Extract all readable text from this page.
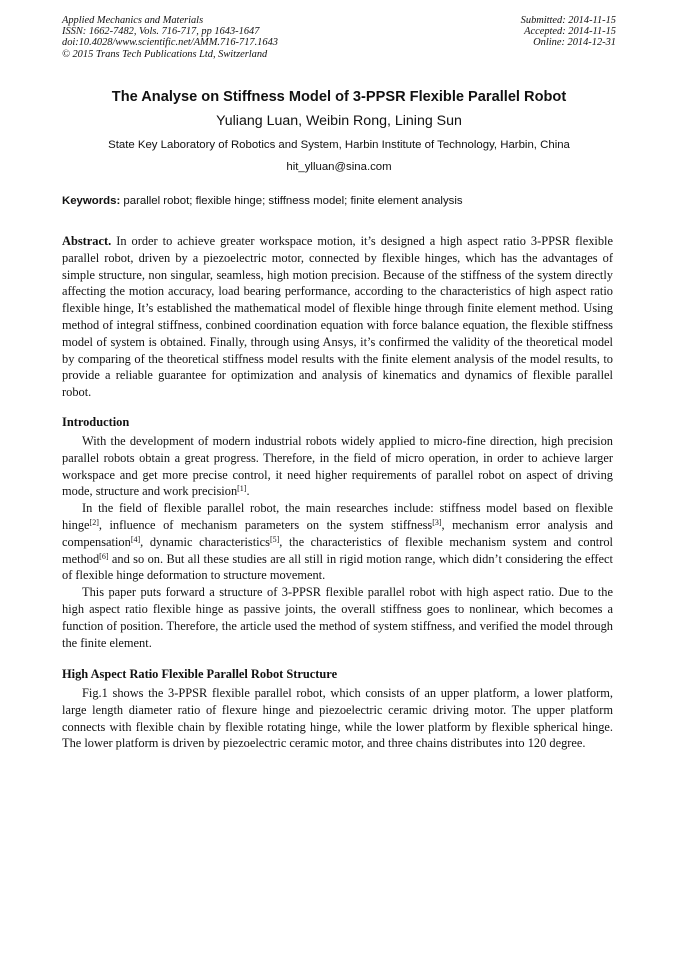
Applied Mechanics and Materials
ISSN: 1662-7482, Vols. 716-717, pp 1643-1647
doi:10.4028/www.scientific.net/AMM.716-717.1643
© 2015 Trans Tech Publications Ltd, Switzerland
Submitted: 2014-11-15
Accepted: 2014-11-15
Online: 2014-12-31
The Analyse on Stiffness Model of 3-PPSR Flexible Parallel Robot
Yuliang Luan, Weibin Rong, Lining Sun
State Key Laboratory of Robotics and System, Harbin Institute of Technology, Harbin, China
hit_ylluan@sina.com
Keywords: parallel robot; flexible hinge; stiffness model; finite element analysis

Abstract. In order to achieve greater workspace motion, it’s designed a high aspect ratio 3-PPSR flexible parallel robot, driven by a piezoelectric motor, connected by flexible hinges, which has the advantages of simple structure, non singular, seamless, high motion precision. Because of the stiffness of the system directly affecting the motion accuracy, load bearing performance, according to the characteristics of high aspect ratio flexible hinge, It’s established the mathematical model of flexible hinge through finite element method. Using method of integral stiffness, conbined coordination equation with force balance equation, the flexible stiffness model of system is obtained. Finally, through using Ansys, it’s confirmed the validity of the theoretical model by comparing of the theoretical stiffness model results with the finite element analysis of the model results, to provide a reliable guarantee for optimization and analysis of kinematics and dynamics of flexible parallel robot.

Introduction

With the development of modern industrial robots widely applied to micro-fine direction, high precision parallel robots obtain a great progress. Therefore, in the field of micro operation, in order to achieve larger workspace and get more precise control, it need higher requirements of parallel robot on aspect of driving mode, structure and work precision[1].

In the field of flexible parallel robot, the main researches include: stiffness model based on flexible hinge[2], influence of mechanism parameters on the system stiffness[3], mechanism error analysis and compensation[4], dynamic characteristics[5], the characteristics of flexible mechanism system and control method[6] and so on. But all these studies are all still in rigid motion range, which didn’t considering the effect of flexible hinge deformation to structure movement.

This paper puts forward a structure of 3-PPSR flexible parallel robot with high aspect ratio. Due to the high aspect ratio flexible hinge as passive joints, the overall stiffness goes to nonlinear, which becomes a function of position. Therefore, the article used the method of system stiffness, and verified the model through the finite element.

High Aspect Ratio Flexible Parallel Robot Structure

Fig.1 shows the 3-PPSR flexible parallel robot, which consists of an upper platform, a lower platform, large length diameter ratio of flexure hinge and piezoelectric ceramic driving motor. The upper platform connects with flexible chain by flexible rotating hinge, while the lower platform by flexible spherical hinge. The lower platform is driven by piezoelectric ceramic motor, and three chains distributes into 120 degree.
